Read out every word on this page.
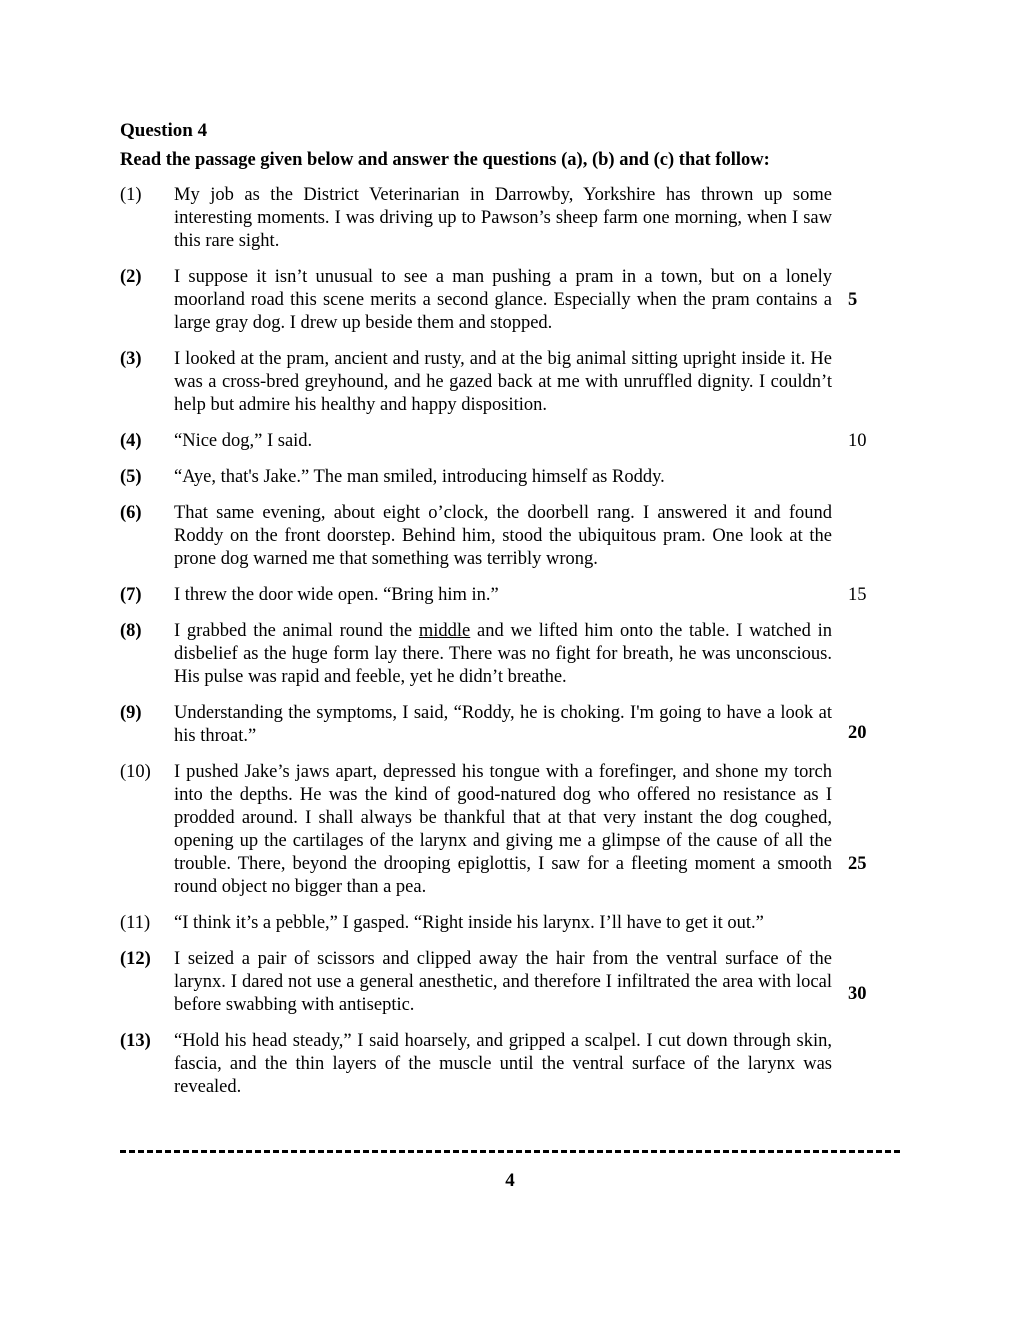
Question 4
Read the passage given below and answer the questions (a), (b) and (c) that follow:
(1)	My job as the District Veterinarian in Darrowby, Yorkshire has thrown up some interesting moments. I was driving up to Pawson’s sheep farm one morning, when I saw this rare sight.
(2)	I suppose it isn’t unusual to see a man pushing a pram in a town, but on a lonely moorland road this scene merits a second glance. Especially when the pram contains a large gray dog. I drew up beside them and stopped.
5
(3)	I looked at the pram, ancient and rusty, and at the big animal sitting upright inside it. He was a cross-bred greyhound, and he gazed back at me with unruffled dignity. I couldn’t help but admire his healthy and happy disposition.
(4)	“Nice dog,” I said.	10
(5)	“Aye, that's Jake.” The man smiled, introducing himself as Roddy.
(6)	That same evening, about eight o’clock, the doorbell rang. I answered it and found Roddy on the front doorstep. Behind him, stood the ubiquitous pram. One look at the prone dog warned me that something was terribly wrong.
(7)	I threw the door wide open. “Bring him in.”	15
(8)	I grabbed the animal round the middle and we lifted him onto the table. I watched in disbelief as the huge form lay there. There was no fight for breath, he was unconscious. His pulse was rapid and feeble, yet he didn’t breathe.
(9)	Understanding the symptoms, I said, “Roddy, he is choking. I'm going to have a look at his throat.”	20
(10)	I pushed Jake’s jaws apart, depressed his tongue with a forefinger, and shone my torch into the depths. He was the kind of good-natured dog who offered no resistance as I prodded around. I shall always be thankful that at that very instant the dog coughed, opening up the cartilages of the larynx and giving me a glimpse of the cause of all the trouble. There, beyond the drooping epiglottis, I saw for a fleeting moment a smooth round object no bigger than a pea.
25
(11)	“I think it’s a pebble,” I gasped. “Right inside his larynx. I’ll have to get it out.”
(12)	I seized a pair of scissors and clipped away the hair from the ventral surface of the larynx. I dared not use a general anesthetic, and therefore I infiltrated the area with local before swabbing with antiseptic.
30
(13)	“Hold his head steady,” I said hoarsely, and gripped a scalpel. I cut down through skin, fascia, and the thin layers of the muscle until the ventral surface of the larynx was revealed.
4
